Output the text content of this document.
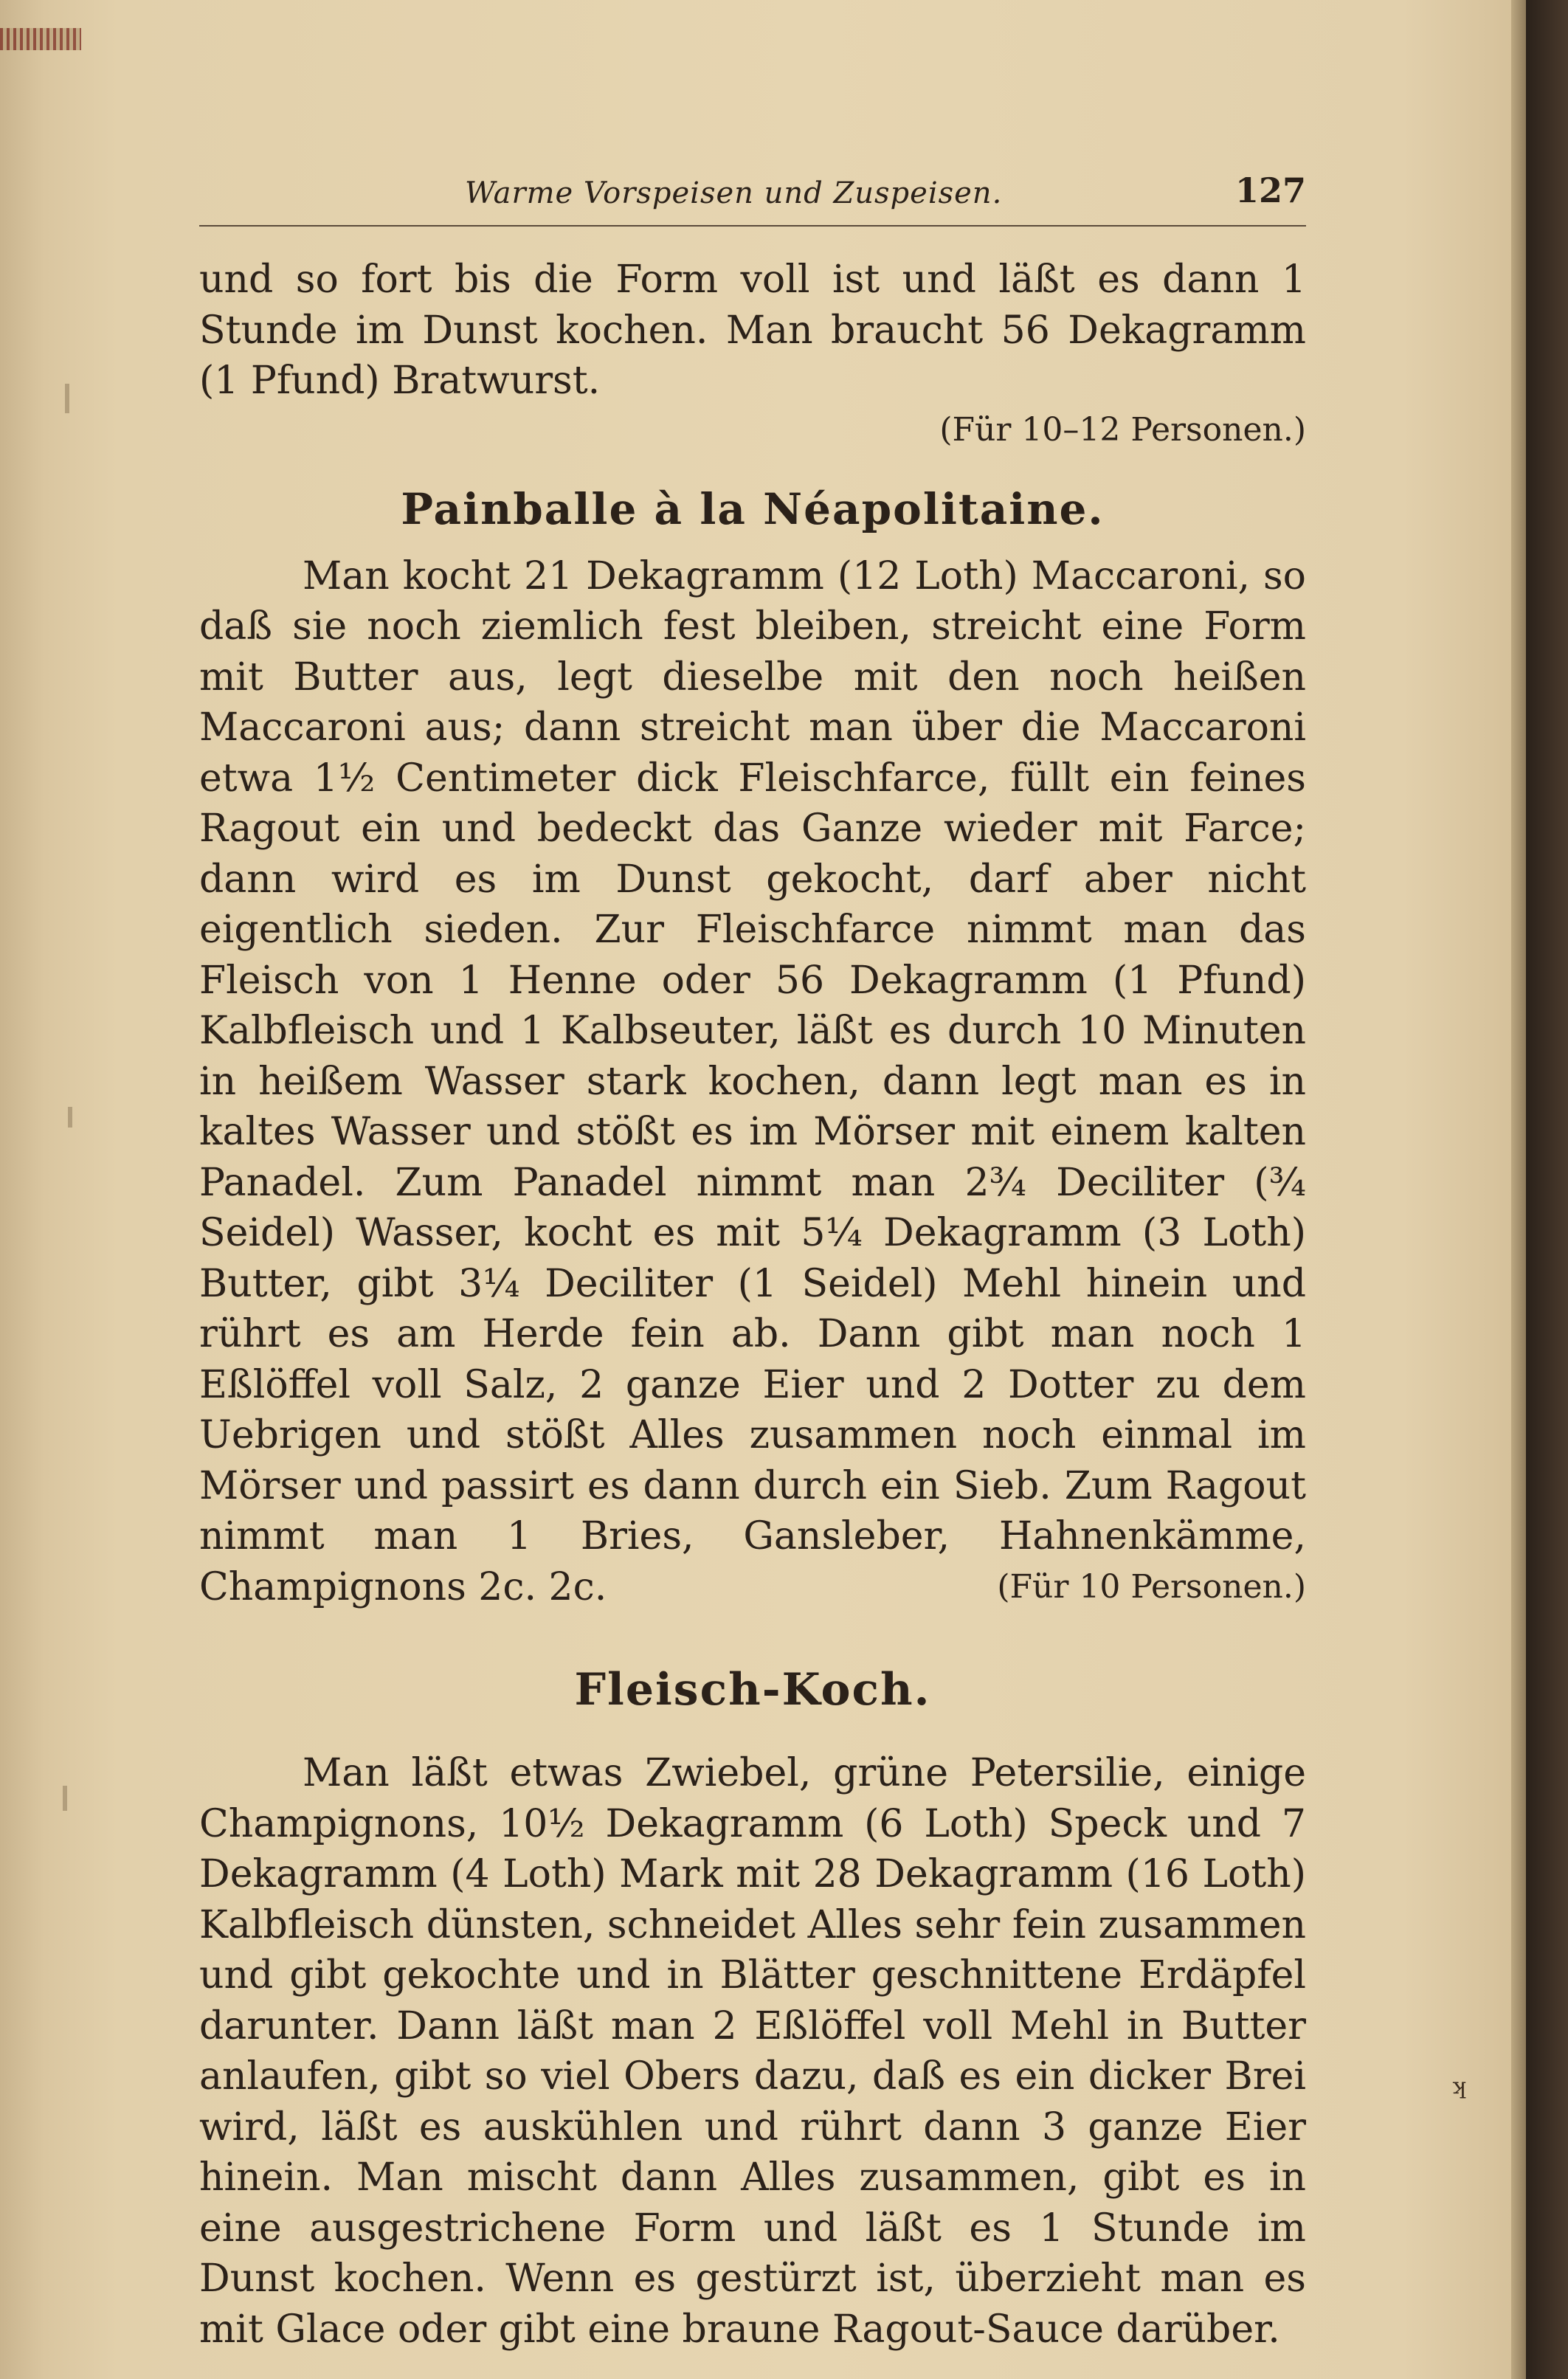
Warme Vorspeisen und Zuspeisen.	127

und so fort bis die Form voll ist und läßt es dann 1 Stunde im Dunst kochen. Man braucht 56 Dekagramm (1 Pfund) Bratwurst.

(Für 10–12 Personen.)
Painballe à la Néapolitaine.

Man kocht 21 Dekagramm (12 Loth) Maccaroni, so daß sie noch ziemlich fest bleiben, streicht eine Form mit Butter aus, legt dieselbe mit den noch heißen Maccaroni aus; dann streicht man über die Maccaroni etwa 1½ Centimeter dick Fleischfarce, füllt ein feines Ragout ein und bedeckt das Ganze wieder mit Farce; dann wird es im Dunst gekocht, darf aber nicht eigentlich sieden. Zur Fleischfarce nimmt man das Fleisch von 1 Henne oder 56 Dekagramm (1 Pfund) Kalbfleisch und 1 Kalbseuter, läßt es durch 10 Minuten in heißem Wasser stark kochen, dann legt man es in kaltes Wasser und stößt es im Mörser mit einem kalten Panadel. Zum Panadel nimmt man 2¾ Deciliter (¾ Seidel) Wasser, kocht es mit 5¼ Dekagramm (3 Loth) Butter, gibt 3¼ Deciliter (1 Seidel) Mehl hinein und rührt es am Herde fein ab. Dann gibt man noch 1 Eßlöffel voll Salz, 2 ganze Eier und 2 Dotter zu dem Uebrigen und stößt Alles zusammen noch einmal im Mörser und passirt es dann durch ein Sieb. Zum Ragout nimmt man 1 Bries, Gansleber, Hahnenkämme, Champignons 2c. 2c.	(Für 10 Personen.)

Fleisch-Koch.

Man läßt etwas Zwiebel, grüne Petersilie, einige Champignons, 10½ Dekagramm (6 Loth) Speck und 7 Dekagramm (4 Loth) Mark mit 28 Dekagramm (16 Loth) Kalbfleisch dünsten, schneidet Alles sehr fein zusammen und gibt gekochte und in Blätter geschnittene Erdäpfel darunter. Dann läßt man 2 Eßlöffel voll Mehl in Butter anlaufen, gibt so viel Obers dazu, daß es ein dicker Brei wird, läßt es auskühlen und rührt dann 3 ganze Eier hinein. Man mischt dann Alles zusammen, gibt es in eine ausgestrichene Form und läßt es 1 Stunde im Dunst kochen. Wenn es gestürzt ist, überzieht man es mit Glace oder gibt eine braune Ragout-Sauce darüber.

ʞ
